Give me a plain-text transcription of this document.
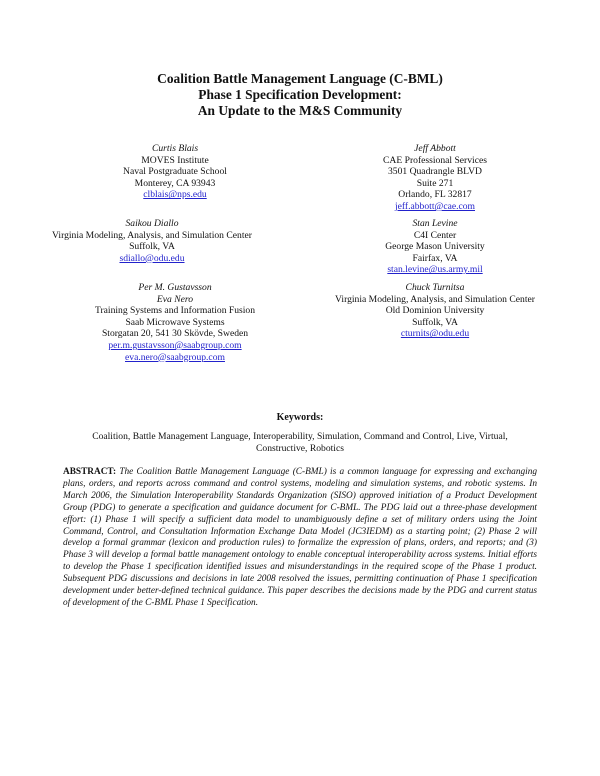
Coalition Battle Management Language (C-BML)
Phase 1 Specification Development:
An Update to the M&S Community
Curtis Blais
MOVES Institute
Naval Postgraduate School
Monterey, CA 93943
clblais@nps.edu
Jeff Abbott
CAE Professional Services
3501 Quadrangle BLVD
Suite 271
Orlando, FL 32817
jeff.abbott@cae.com
Saikou Diallo
Virginia Modeling, Analysis, and Simulation Center
Suffolk, VA
sdiallo@odu.edu
Stan Levine
C4I Center
George Mason University
Fairfax, VA
stan.levine@us.army.mil
Per M. Gustavsson
Eva Nero
Training Systems and Information Fusion
Saab Microwave Systems
Storgatan 20, 541 30 Skövde, Sweden
per.m.gustavsson@saabgroup.com
eva.nero@saabgroup.com
Chuck Turnitsa
Virginia Modeling, Analysis, and Simulation Center
Old Dominion University
Suffolk, VA
cturnits@odu.edu
Keywords:
Coalition, Battle Management Language, Interoperability, Simulation, Command and Control, Live, Virtual, Constructive, Robotics
ABSTRACT: The Coalition Battle Management Language (C-BML) is a common language for expressing and exchanging plans, orders, and reports across command and control systems, modeling and simulation systems, and robotic systems. In March 2006, the Simulation Interoperability Standards Organization (SISO) approved initiation of a Product Development Group (PDG) to generate a specification and guidance document for C-BML. The PDG laid out a three-phase development effort: (1) Phase 1 will specify a sufficient data model to unambiguously define a set of military orders using the Joint Command, Control, and Consultation Information Exchange Data Model (JC3IEDM) as a starting point; (2) Phase 2 will develop a formal grammar (lexicon and production rules) to formalize the expression of plans, orders, and reports; and (3) Phase 3 will develop a formal battle management ontology to enable conceptual interoperability across systems. Initial efforts to develop the Phase 1 specification identified issues and misunderstandings in the required scope of the Phase 1 product. Subsequent PDG discussions and decisions in late 2008 resolved the issues, permitting continuation of Phase 1 specification development under better-defined technical guidance. This paper describes the decisions made by the PDG and current status of development of the C-BML Phase 1 Specification.
